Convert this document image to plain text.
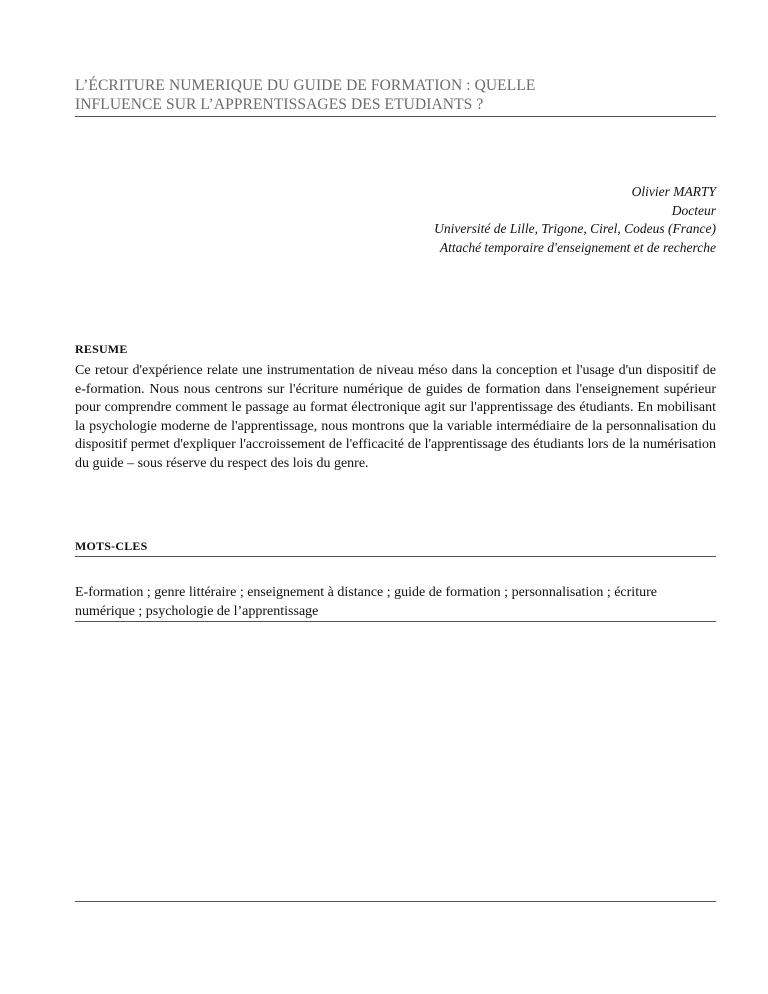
L’ÉCRITURE NUMERIQUE DU GUIDE DE FORMATION : QUELLE
INFLUENCE SUR L’APPRENTISSAGES DES ETUDIANTS ?
Olivier MARTY
Docteur
Université de Lille, Trigone, Cirel, Codeus (France)
Attaché temporaire d'enseignement et de recherche
RESUME
Ce retour d'expérience relate une instrumentation de niveau méso dans la conception et l'usage d'un dispositif de e-formation. Nous nous centrons sur l'écriture numérique de guides de formation dans l'enseignement supérieur pour comprendre comment le passage au format électronique agit sur l'apprentissage des étudiants. En mobilisant la psychologie moderne de l'apprentissage, nous montrons que la variable intermédiaire de la personnalisation du dispositif permet d'expliquer l'accroissement de l'efficacité de l'apprentissage des étudiants lors de la numérisation du guide – sous réserve du respect des lois du genre.
MOTS-CLES
E-formation ; genre littéraire ; enseignement à distance ; guide de formation ; personnalisation ; écriture numérique ; psychologie de l’apprentissage
